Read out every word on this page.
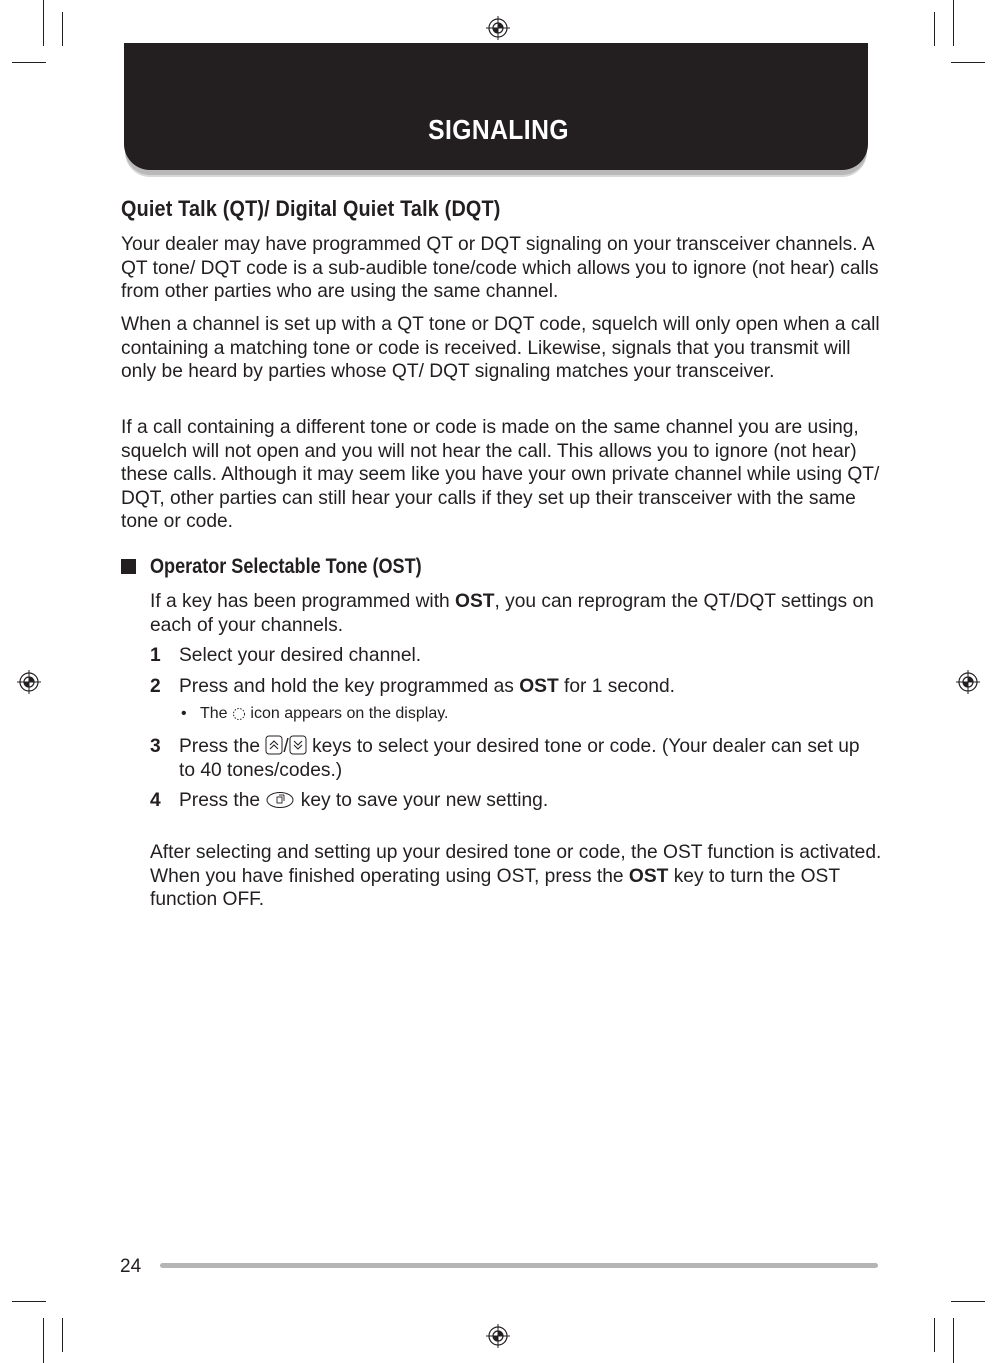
SIGNALING
Quiet Talk (QT)/ Digital Quiet Talk (DQT)

Your dealer may have programmed QT or DQT signaling on your transceiver channels. A QT tone/ DQT code is a sub-audible tone/code which allows you to ignore (not hear) calls from other parties who are using the same channel.

When a channel is set up with a QT tone or DQT code, squelch will only open when a call containing a matching tone or code is received. Likewise, signals that you transmit will only be heard by parties whose QT/ DQT signaling matches your transceiver.

If a call containing a different tone or code is made on the same channel you are using, squelch will not open and you will not hear the call. This allows you to ignore (not hear) these calls. Although it may seem like you have your own private channel while using QT/ DQT, other parties can still hear your calls if they set up their transceiver with the same tone or code.

Operator Selectable Tone (OST)

If a key has been programmed with OST, you can reprogram the QT/DQT settings on each of your channels.

1 Select your desired channel.
2 Press and hold the key programmed as OST for 1 second.
• The  icon appears on the display.
3 Press the / keys to select your desired tone or code. (Your dealer can set up to 40 tones/codes.)
4 Press the  key to save your new setting.

After selecting and setting up your desired tone or code, the OST function is activated. When you have finished operating using OST, press the OST key to turn the OST function OFF.

24
